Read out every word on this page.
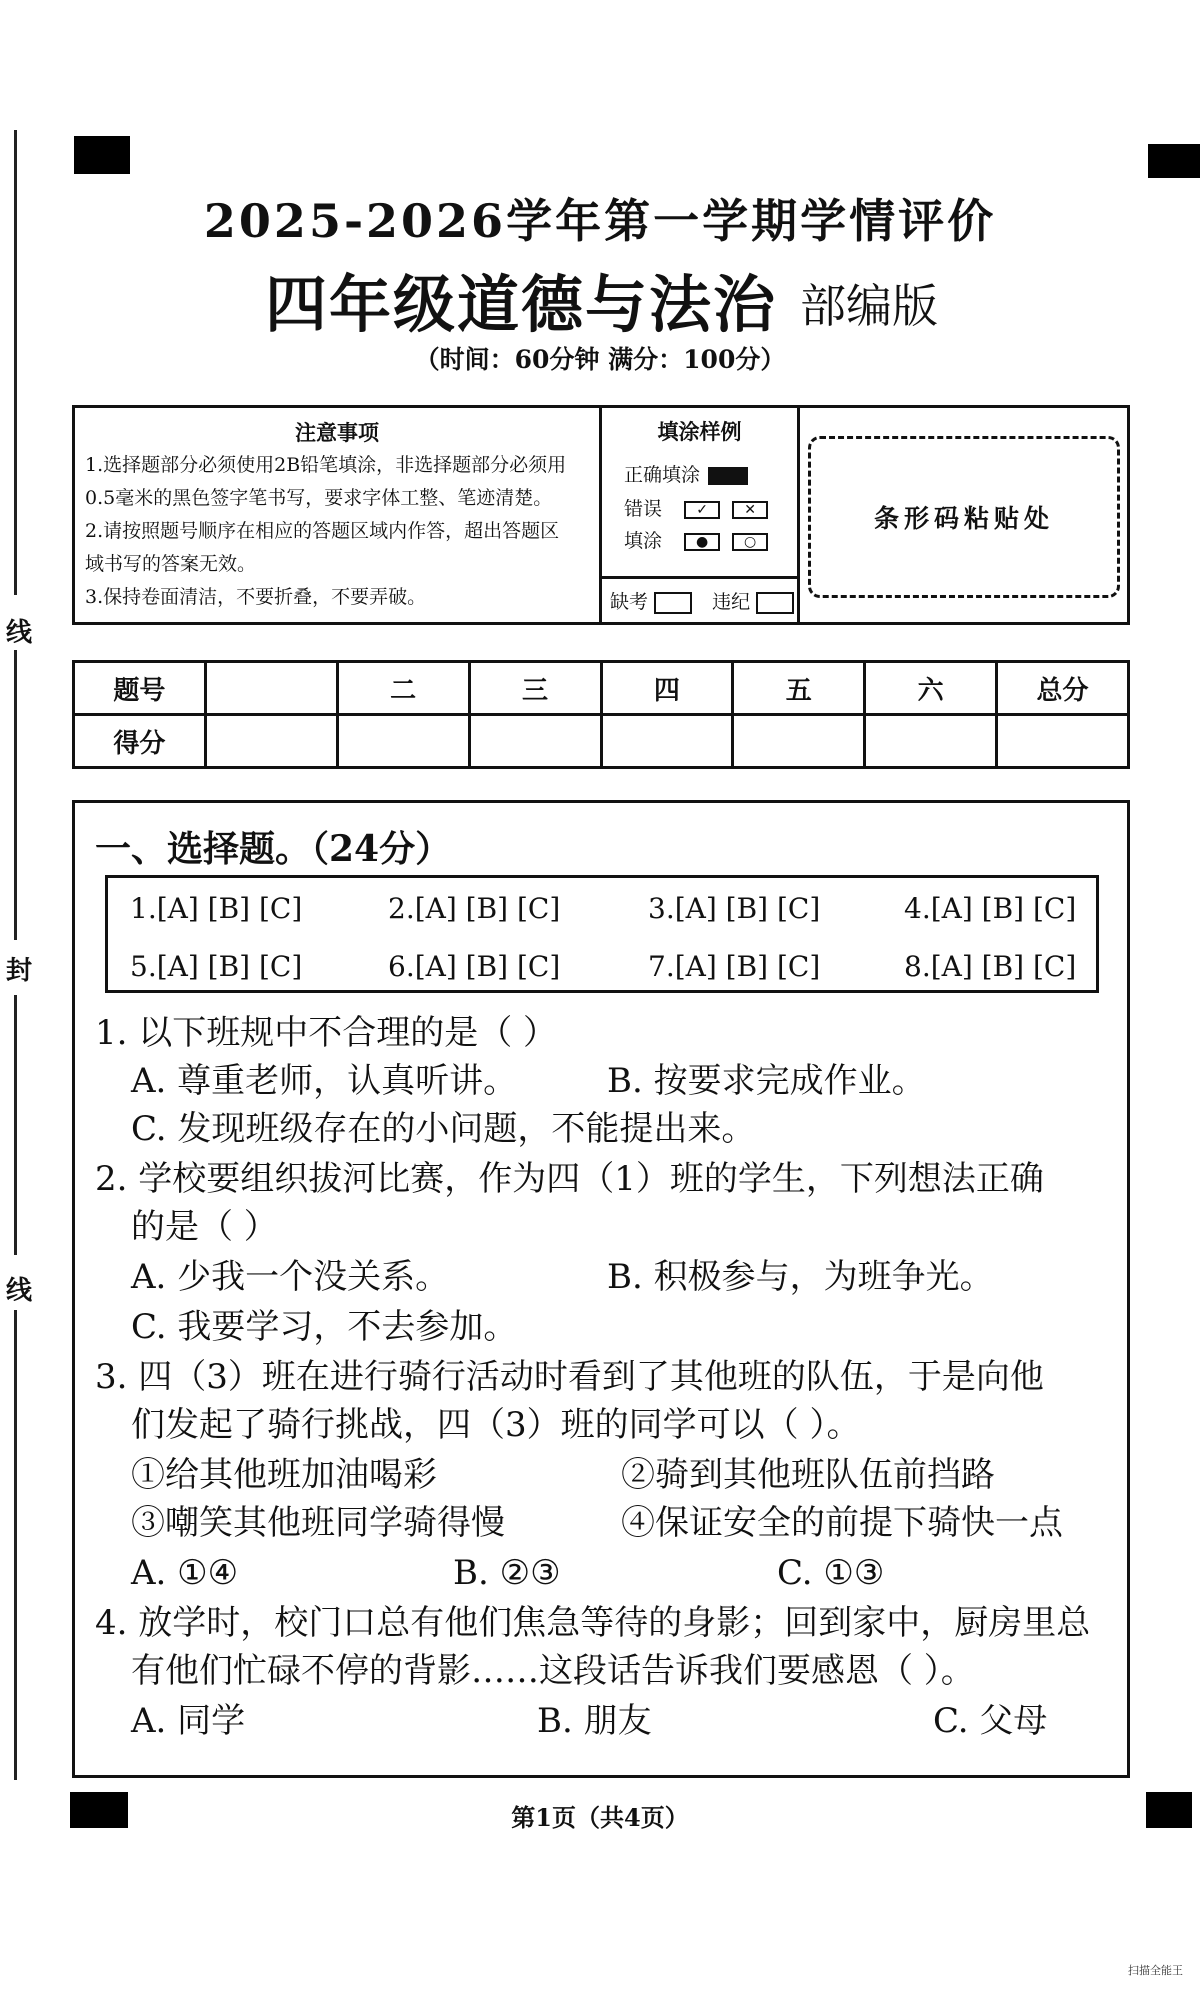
线
封
线
2025-2026学年第一学期学情评价
四年级道德与法治 部编版
（时间：60分钟 满分：100分）
注意事项
1.选择题部分必须使用2B铅笔填涂，非选择题部分必须用
0.5毫米的黑色签字笔书写，要求字体工整、笔迹清楚。
2.请按照题号顺序在相应的答题区域内作答，超出答题区
域书写的答案无效。
3.保持卷面清洁，不要折叠，不要弄破。
填涂样例
正确填涂
错误 ✓	✕
填涂 ●	○
缺考	违纪
条形码粘贴处
题号		二	三	四	五	六	总分
得分							
一、选择题。（24分）
1.[A] [B] [C]	2.[A] [B] [C]	3.[A] [B] [C]	4.[A] [B] [C]
5.[A] [B] [C]	6.[A] [B] [C]	7.[A] [B] [C]	8.[A] [B] [C]
1. 以下班规中不合理的是（ ）
A. 尊重老师，认真听讲。	B. 按要求完成作业。
C. 发现班级存在的小问题，不能提出来。
2. 学校要组织拔河比赛，作为四（1）班的学生，下列想法正确
的是（ ）
A. 少我一个没关系。	B. 积极参与，为班争光。
C. 我要学习，不去参加。
3. 四（3）班在进行骑行活动时看到了其他班的队伍，于是向他
们发起了骑行挑战，四（3）班的同学可以（ ）。
①给其他班加油喝彩	②骑到其他班队伍前挡路
③嘲笑其他班同学骑得慢	④保证安全的前提下骑快一点
A. ①④	B. ②③	C. ①③
4. 放学时，校门口总有他们焦急等待的身影；回到家中，厨房里总
有他们忙碌不停的背影……这段话告诉我们要感恩（ ）。
A. 同学	B. 朋友	C. 父母
第1页（共4页）
扫描全能王
